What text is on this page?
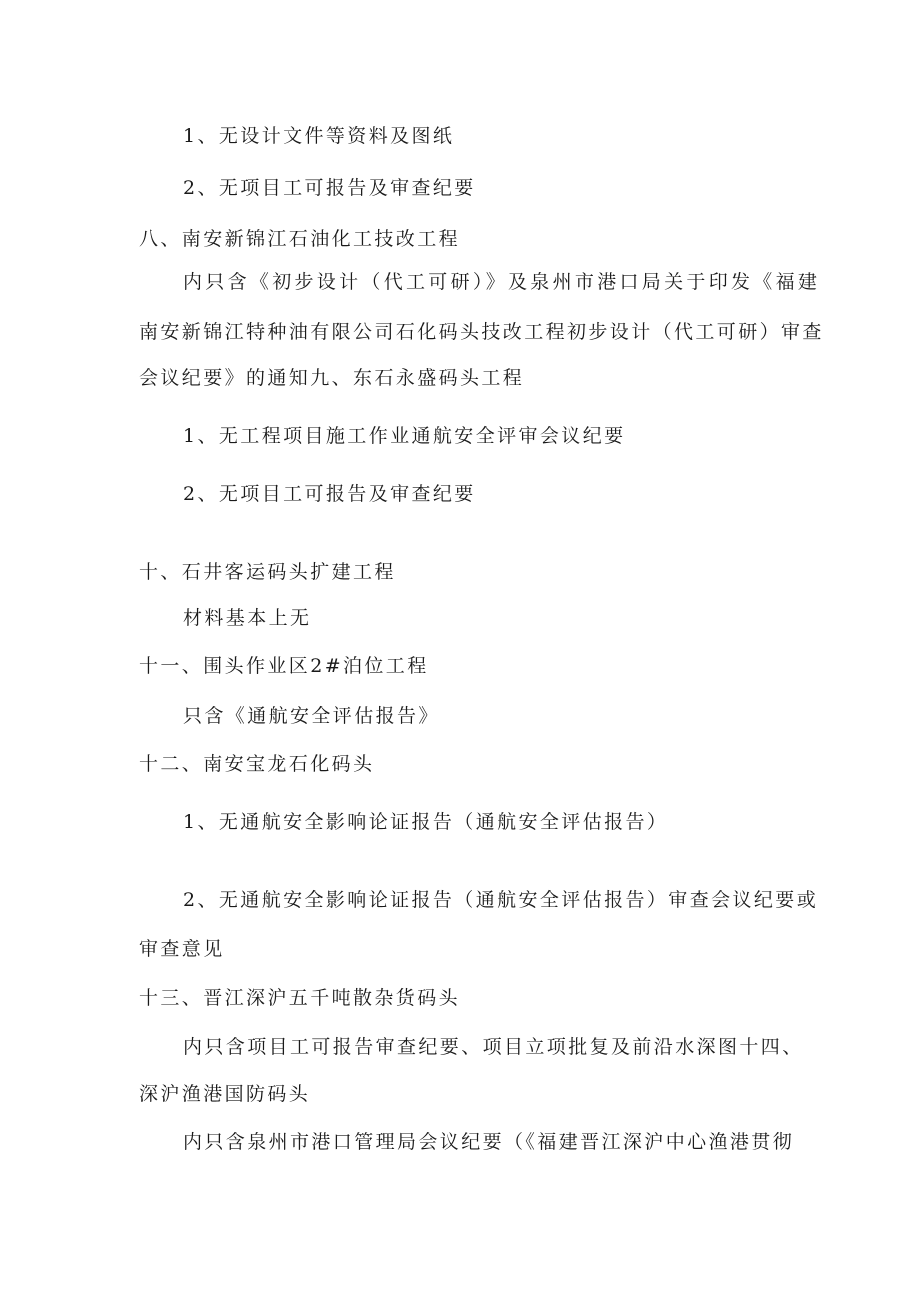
1、无设计文件等资料及图纸
2、无项目工可报告及审查纪要
八、南安新锦江石油化工技改工程
内只含《初步设计（代工可研）》及泉州市港口局关于印发《福建
南安新锦江特种油有限公司石化码头技改工程初步设计（代工可研）审查
会议纪要》的通知九、东石永盛码头工程
1、无工程项目施工作业通航安全评审会议纪要
2、无项目工可报告及审查纪要
十、石井客运码头扩建工程
材料基本上无
十一、围头作业区2#泊位工程
只含《通航安全评估报告》
十二、南安宝龙石化码头
1、无通航安全影响论证报告（通航安全评估报告）
2、无通航安全影响论证报告（通航安全评估报告）审查会议纪要或
审查意见
十三、晋江深沪五千吨散杂货码头
内只含项目工可报告审查纪要、项目立项批复及前沿水深图十四、
深沪渔港国防码头
内只含泉州市港口管理局会议纪要（《福建晋江深沪中心渔港贯彻
